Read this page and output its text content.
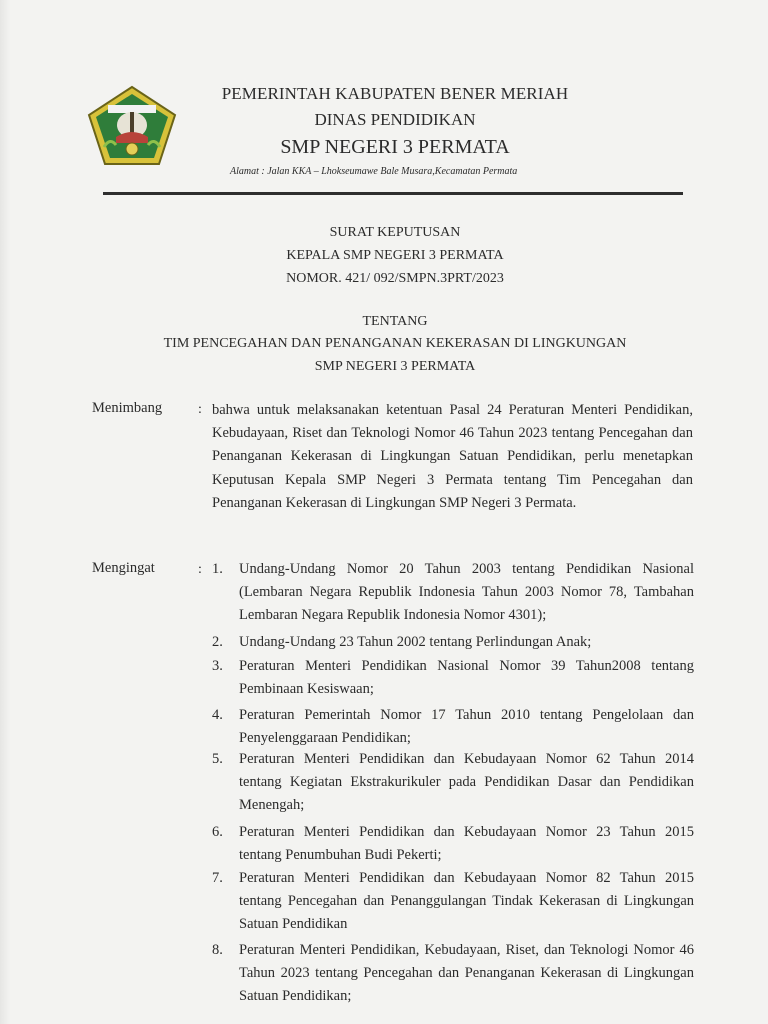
PEMERINTAH KABUPATEN BENER MERIAH
DINAS PENDIDIKAN
SMP NEGERI 3 PERMATA
Alamat : Jalan KKA – Lhokseumawe Bale Musara,Kecamatan Permata
SURAT KEPUTUSAN
KEPALA SMP NEGERI 3 PERMATA
NOMOR. 421/ 092/SMPN.3PRT/2023
TENTANG
TIM PENCEGAHAN DAN PENANGANAN KEKERASAN DI LINGKUNGAN
SMP NEGERI 3 PERMATA
Menimbang	: bahwa untuk melaksanakan ketentuan Pasal 24 Peraturan Menteri Pendidikan, Kebudayaan, Riset dan Teknologi Nomor 46 Tahun 2023 tentang Pencegahan dan Penanganan Kekerasan di Lingkungan Satuan Pendidikan, perlu menetapkan Keputusan Kepala SMP Negeri 3 Permata tentang Tim Pencegahan dan Penanganan Kekerasan di Lingkungan SMP Negeri 3 Permata.
Mengingat	: 1.	Undang-Undang Nomor 20 Tahun 2003 tentang Pendidikan Nasional (Lembaran Negara Republik Indonesia Tahun 2003 Nomor 78, Tambahan Lembaran Negara Republik Indonesia Nomor 4301);
2.	Undang-Undang 23 Tahun 2002 tentang Perlindungan Anak;
3.	Peraturan Menteri Pendidikan Nasional Nomor 39 Tahun2008 tentang Pembinaan Kesiswaan;
4.	Peraturan Pemerintah Nomor 17 Tahun 2010 tentang Pengelolaan dan Penyelenggaraan Pendidikan;
5.	Peraturan Menteri Pendidikan dan Kebudayaan Nomor 62 Tahun 2014 tentang Kegiatan Ekstrakurikuler pada Pendidikan Dasar dan Pendidikan Menengah;
6.	Peraturan Menteri Pendidikan dan Kebudayaan Nomor 23 Tahun 2015 tentang Penumbuhan Budi Pekerti;
7.	Peraturan Menteri Pendidikan dan Kebudayaan Nomor 82 Tahun 2015 tentang Pencegahan dan Penanggulangan Tindak Kekerasan di Lingkungan Satuan Pendidikan
8.	Peraturan Menteri Pendidikan, Kebudayaan, Riset, dan Teknologi Nomor 46 Tahun 2023 tentang Pencegahan dan Penanganan Kekerasan di Lingkungan Satuan Pendidikan;
